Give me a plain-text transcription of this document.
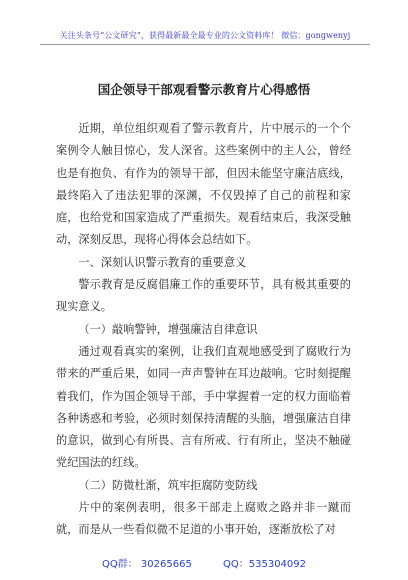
关注头条号“公文研究”，获得最新最全最专业的公文资料库！ 微信：gongwenyj
国企领导干部观看警示教育片心得感悟

近期，单位组织观看了警示教育片，片中展示的一个个案例令人触目惊心，发人深省。这些案例中的主人公，曾经也是有抱负、有作为的领导干部，但因未能坚守廉洁底线，最终陷入了违法犯罪的深渊，不仅毁掉了自己的前程和家庭，也给党和国家造成了严重损失。观看结束后，我深受触动，深刻反思，现将心得体会总结如下。

一、深刻认识警示教育的重要意义

警示教育是反腐倡廉工作的重要环节，具有极其重要的现实意义。

（一）敲响警钟，增强廉洁自律意识

通过观看真实的案例，让我们直观地感受到了腐败行为带来的严重后果，如同一声声警钟在耳边敲响。它时刻提醒着我们，作为国企领导干部，手中掌握着一定的权力面临着各种诱惑和考验，必须时刻保持清醒的头脑，增强廉洁自律的意识，做到心有所畏、言有所戒、行有所止，坚决不触碰党纪国法的红线。

（二）防微杜渐，筑牢拒腐防变防线

片中的案例表明，很多干部走上腐败之路并非一蹴而就，而是从一些看似微不足道的小事开始，逐渐放松了对

QQ群： 30265665	QQ：535304092
